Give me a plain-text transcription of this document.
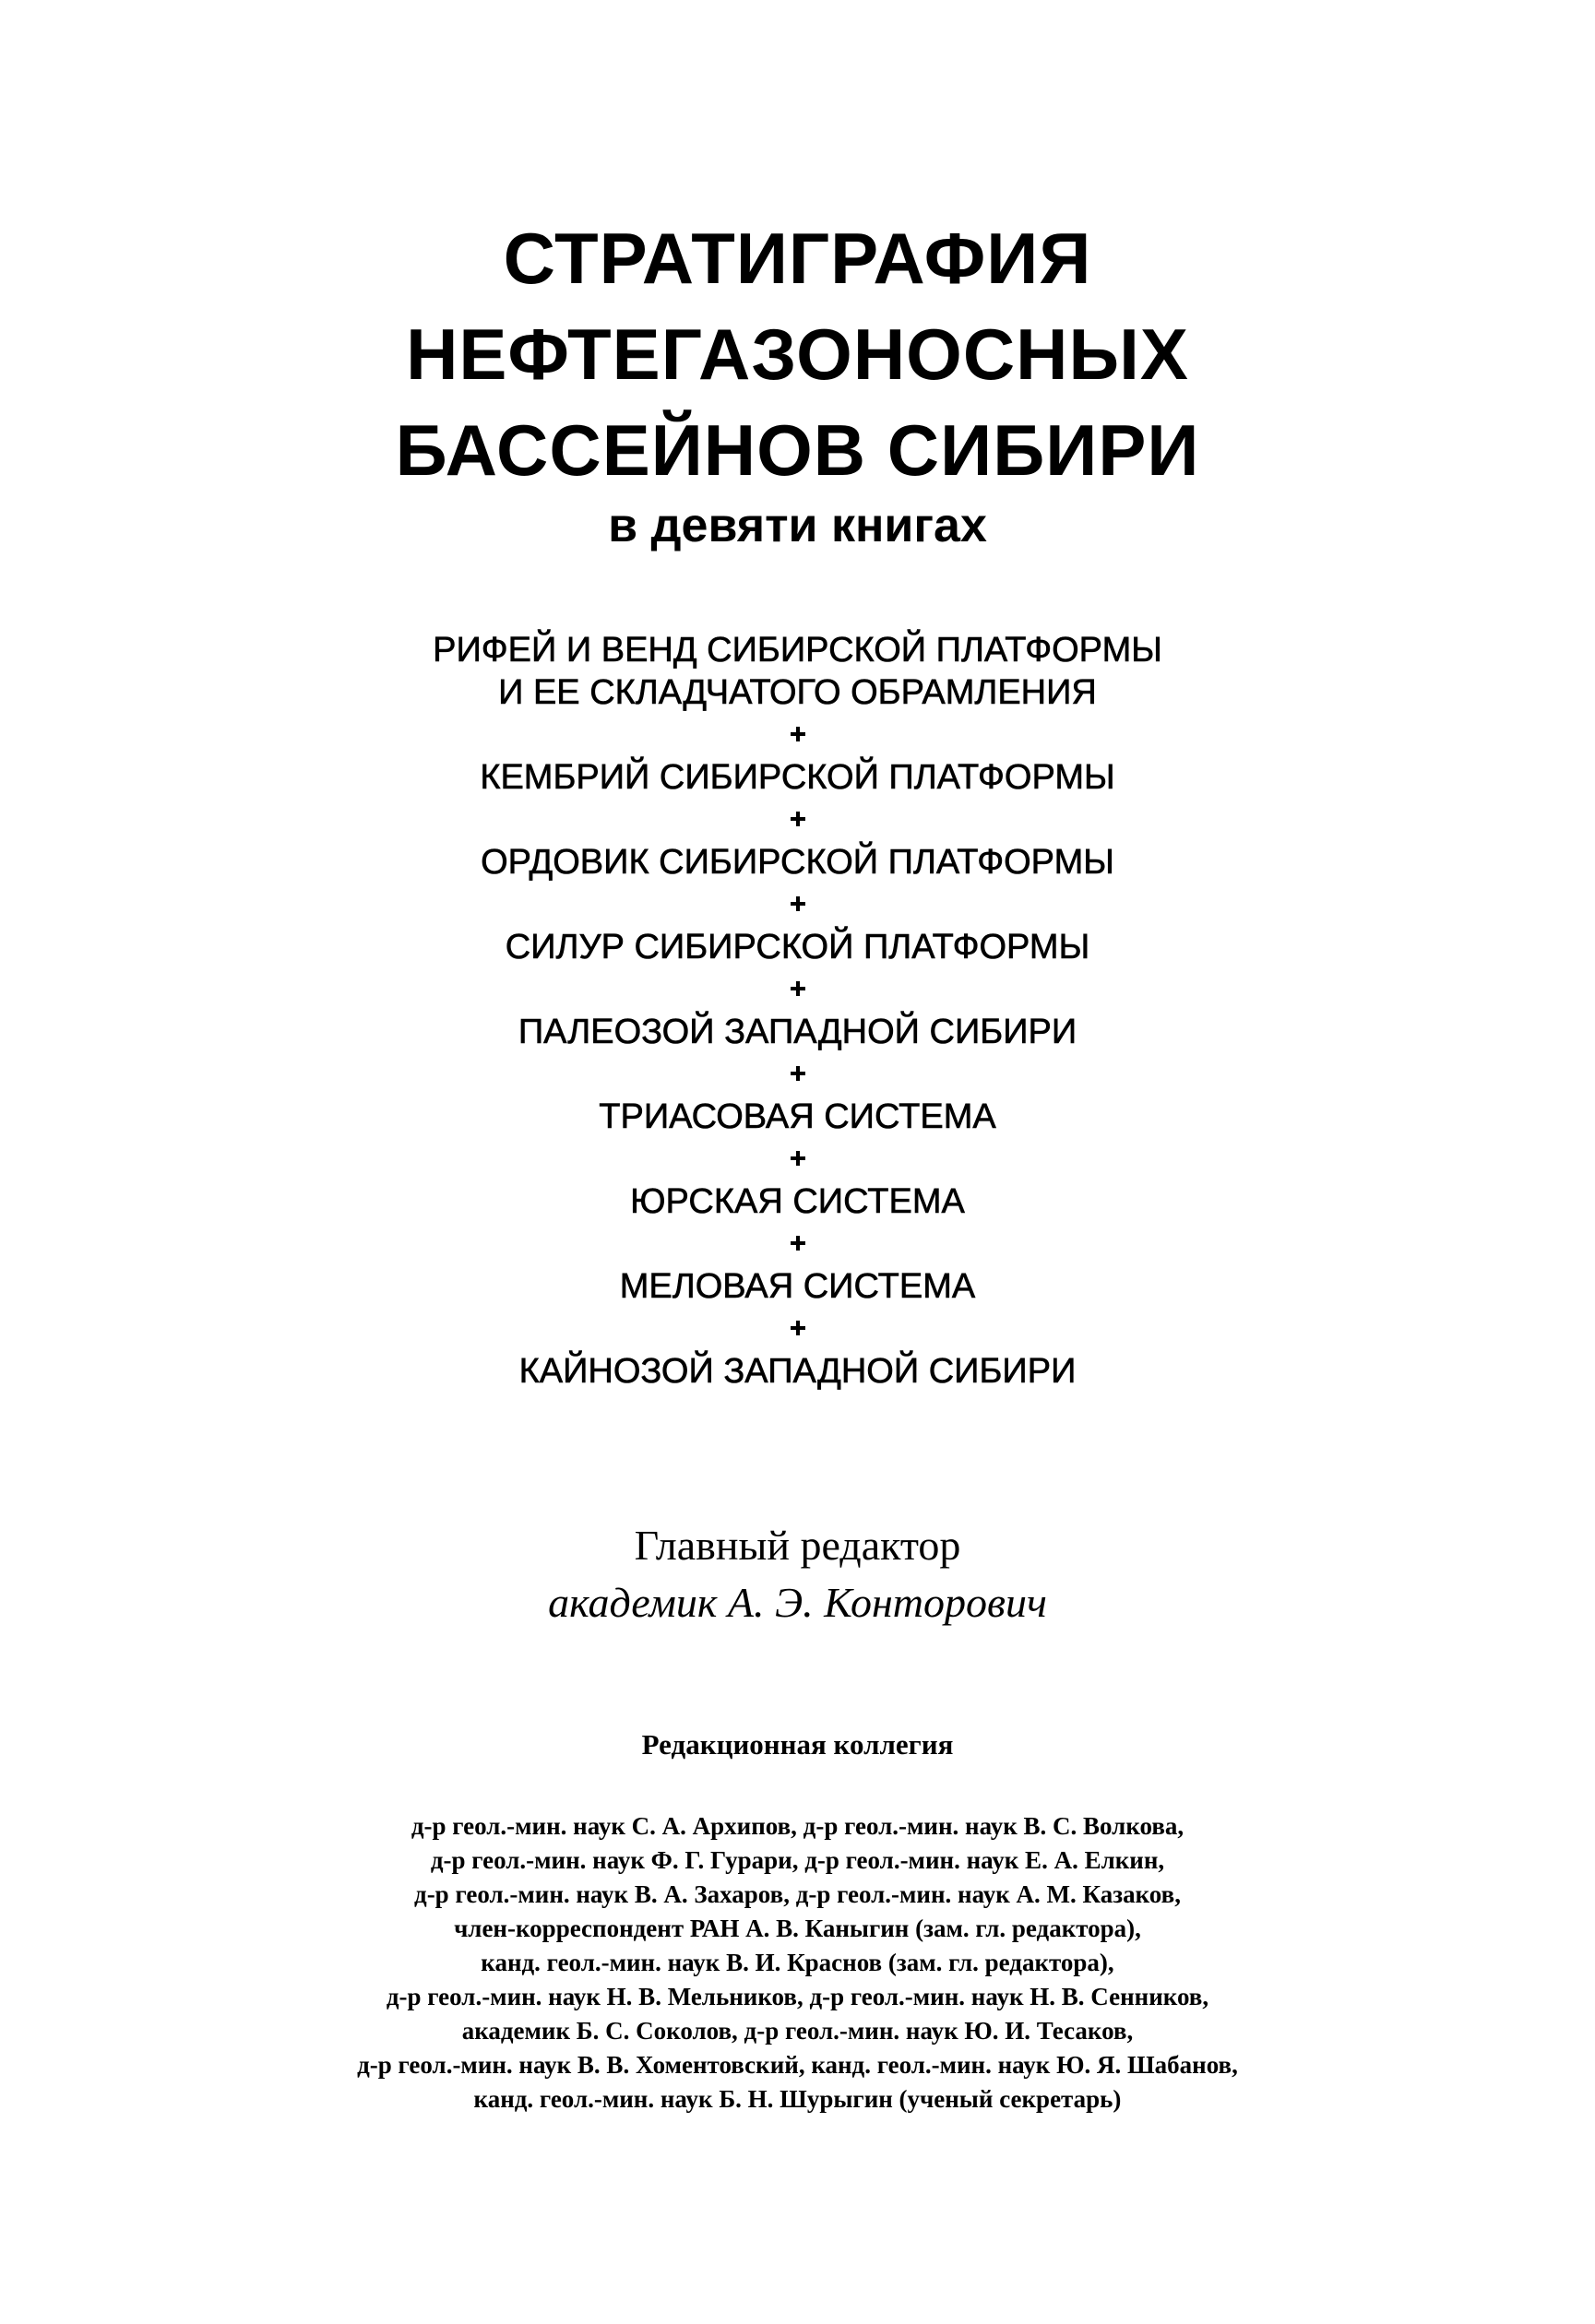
СТРАТИГРАФИЯ
НЕФТЕГАЗОНОСНЫХ
БАССЕЙНОВ СИБИРИ
в девяти книгах
РИФЕЙ И ВЕНД СИБИРСКОЙ ПЛАТФОРМЫ
И ЕЕ СКЛАДЧАТОГО ОБРАМЛЕНИЯ
КЕМБРИЙ СИБИРСКОЙ ПЛАТФОРМЫ
ОРДОВИК СИБИРСКОЙ ПЛАТФОРМЫ
СИЛУР СИБИРСКОЙ ПЛАТФОРМЫ
ПАЛЕОЗОЙ ЗАПАДНОЙ СИБИРИ
ТРИАСОВАЯ СИСТЕМА
ЮРСКАЯ СИСТЕМА
МЕЛОВАЯ СИСТЕМА
КАЙНОЗОЙ ЗАПАДНОЙ СИБИРИ
Главный редактор
академик А. Э. Конторович
Редакционная коллегия
д-р геол.-мин. наук С. А. Архипов, д-р геол.-мин. наук В. С. Волкова,
д-р геол.-мин. наук Ф. Г. Гурари, д-р геол.-мин. наук Е. А. Елкин,
д-р геол.-мин. наук В. А. Захаров, д-р геол.-мин. наук А. М. Казаков,
член-корреспондент РАН А. В. Каныгин (зам. гл. редактора),
канд. геол.-мин. наук В. И. Краснов (зам. гл. редактора),
д-р геол.-мин. наук Н. В. Мельников, д-р геол.-мин. наук Н. В. Сенников,
академик Б. С. Соколов, д-р геол.-мин. наук Ю. И. Тесаков,
д-р геол.-мин. наук В. В. Хоментовский, канд. геол.-мин. наук Ю. Я. Шабанов,
канд. геол.-мин. наук Б. Н. Шурыгин (ученый секретарь)
